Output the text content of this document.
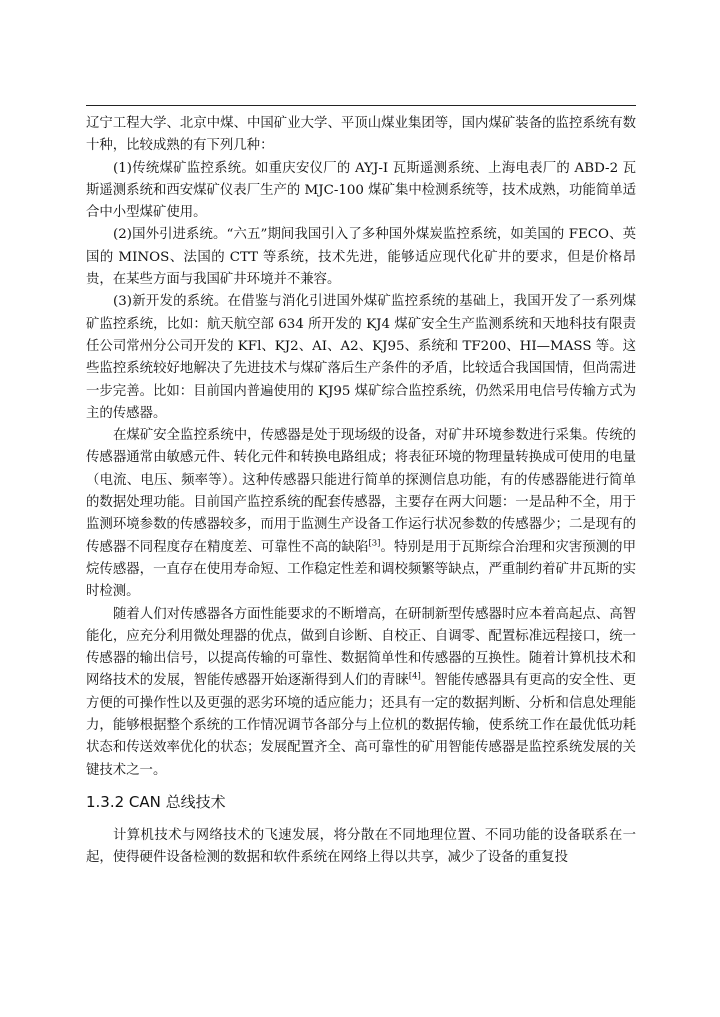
辽宁工程大学、北京中煤、中国矿业大学、平顶山煤业集团等，国内煤矿装备的监控系统有数十种，比较成熟的有下列几种：

(1)传统煤矿监控系统。如重庆安仪厂的 AYJ-I 瓦斯遥测系统、上海电表厂的 ABD-2 瓦斯遥测系统和西安煤矿仪表厂生产的 MJC-100 煤矿集中检测系统等，技术成熟，功能简单适合中小型煤矿使用。

(2)国外引进系统。“六五”期间我国引入了多种国外煤炭监控系统，如美国的 FECO、英国的 MINOS、法国的 CTT 等系统，技术先进，能够适应现代化矿井的要求，但是价格昂贵，在某些方面与我国矿井环境并不兼容。

(3)新开发的系统。在借鉴与消化引进国外煤矿监控系统的基础上，我国开发了一系列煤矿监控系统，比如：航天航空部 634 所开发的 KJ4 煤矿安全生产监测系统和天地科技有限责任公司常州分公司开发的 KFl、KJ2、AI、A2、KJ95、系统和 TF200、HI—MASS 等。这些监控系统较好地解决了先进技术与煤矿落后生产条件的矛盾，比较适合我国国情，但尚需进一步完善。比如：目前国内普遍使用的 KJ95 煤矿综合监控系统，仍然采用电信号传输方式为主的传感器。

在煤矿安全监控系统中，传感器是处于现场级的设备，对矿井环境参数进行采集。传统的传感器通常由敏感元件、转化元件和转换电路组成；将表征环境的物理量转换成可使用的电量（电流、电压、频率等）。这种传感器只能进行简单的探测信息功能，有的传感器能进行简单的数据处理功能。目前国产监控系统的配套传感器，主要存在两大问题：一是品种不全，用于监测环境参数的传感器较多，而用于监测生产设备工作运行状况参数的传感器少；二是现有的传感器不同程度存在精度差、可靠性不高的缺陷[3]。特别是用于瓦斯综合治理和灾害预测的甲烷传感器，一直存在使用寿命短、工作稳定性差和调校频繁等缺点，严重制约着矿井瓦斯的实时检测。

随着人们对传感器各方面性能要求的不断增高，在研制新型传感器时应本着高起点、高智能化，应充分利用微处理器的优点，做到自诊断、自校正、自调零、配置标准远程接口，统一传感器的输出信号，以提高传输的可靠性、数据简单性和传感器的互换性。随着计算机技术和网络技术的发展，智能传感器开始逐渐得到人们的青睐[4]。智能传感器具有更高的安全性、更方便的可操作性以及更强的恶劣环境的适应能力；还具有一定的数据判断、分析和信息处理能力，能够根据整个系统的工作情况调节各部分与上位机的数据传输，使系统工作在最优低功耗状态和传送效率优化的状态；发展配置齐全、高可靠性的矿用智能传感器是监控系统发展的关键技术之一。

1.3.2 CAN 总线技术

计算机技术与网络技术的飞速发展，将分散在不同地理位置、不同功能的设备联系在一起，使得硬件设备检测的数据和软件系统在网络上得以共享，减少了设备的重复投
